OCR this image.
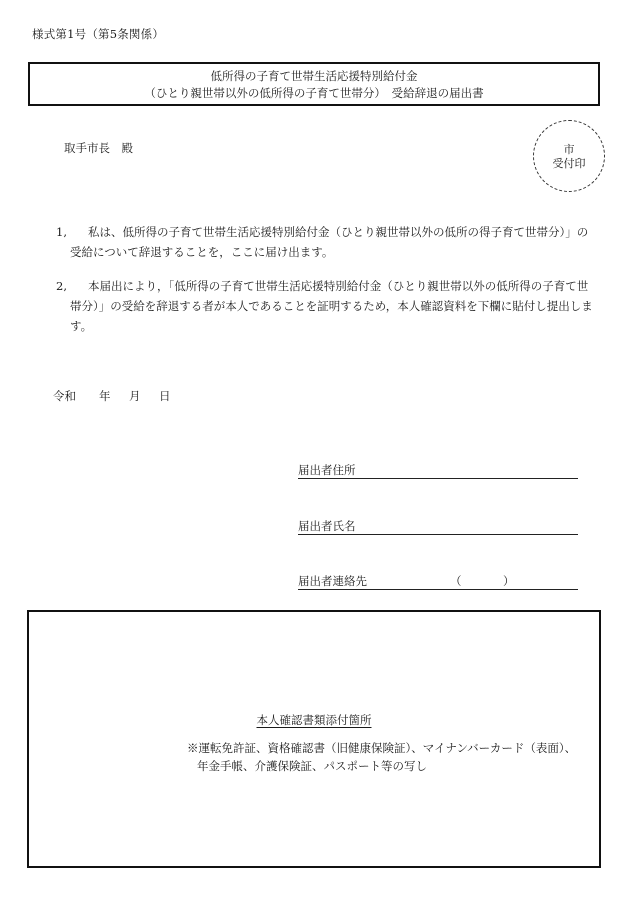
様式第1号（第5条関係）
低所得の子育て世帯生活応援特別給付金
（ひとり親世帯以外の低所得の子育て世帯分）　受給辞退の届出書
取手市長　殿	市
受付印
1,	私は、低所得の子育て世帯生活応援特別給付金（ひとり親世帯以外の低所の得子育て世帯分）」の受給について辞退することを，ここに届け出ます。
2,	本届出により，「低所得の子育て世帯生活応援特別給付金（ひとり親世帯以外の低所得の子育て世帯分）」の受給を辞退する者が本人であることを証明するため，本人確認資料を下欄に貼付し提出します。
令和 年 月 日
届出者住所
届出者氏名
届出者連絡先	（	）
本人確認書類添付箇所
※運転免許証、資格確認書（旧健康保険証）、マイナンバーカード（表面）、
年金手帳、介護保険証、パスポート等の写し
